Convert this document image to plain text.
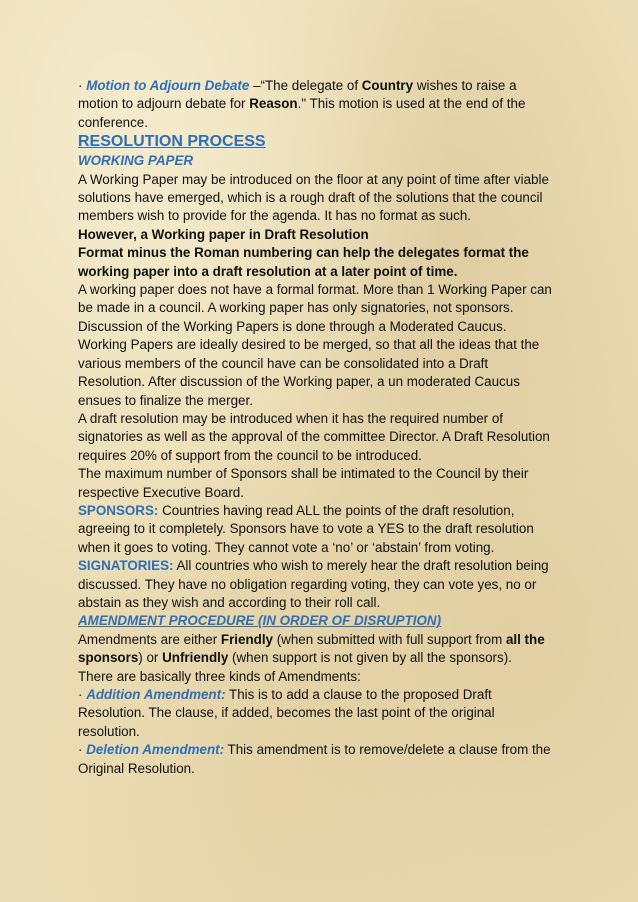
· Motion to Adjourn Debate –“The delegate of Country wishes to raise a motion to adjourn debate for Reason." This motion is used at the end of the conference.

RESOLUTION PROCESS

WORKING PAPER

A Working Paper may be introduced on the floor at any point of time after viable solutions have emerged, which is a rough draft of the solutions that the council members wish to provide for the agenda. It has no format as such.

However, a Working paper in Draft Resolution

Format minus the Roman numbering can help the delegates format the working paper into a draft resolution at a later point of time.

A working paper does not have a formal format. More than 1 Working Paper can be made in a council. A working paper has only signatories, not sponsors. Discussion of the Working Papers is done through a Moderated Caucus. Working Papers are ideally desired to be merged, so that all the ideas that the various members of the council have can be consolidated into a Draft Resolution. After discussion of the Working paper, a un moderated Caucus ensues to finalize the merger.

A draft resolution may be introduced when it has the required number of signatories as well as the approval of the committee Director. A Draft Resolution requires 20% of support from the council to be introduced.

The maximum number of Sponsors shall be intimated to the Council by their respective Executive Board.

SPONSORS: Countries having read ALL the points of the draft resolution, agreeing to it completely. Sponsors have to vote a YES to the draft resolution when it goes to voting. They cannot vote a ‘no’ or ‘abstain’ from voting.

SIGNATORIES: All countries who wish to merely hear the draft resolution being discussed. They have no obligation regarding voting, they can vote yes, no or abstain as they wish and according to their roll call.

AMENDMENT PROCEDURE (IN ORDER OF DISRUPTION)

Amendments are either Friendly (when submitted with full support from all the sponsors) or Unfriendly (when support is not given by all the sponsors).

There are basically three kinds of Amendments:

· Addition Amendment: This is to add a clause to the proposed Draft Resolution. The clause, if added, becomes the last point of the original resolution.

· Deletion Amendment: This amendment is to remove/delete a clause from the Original Resolution.
